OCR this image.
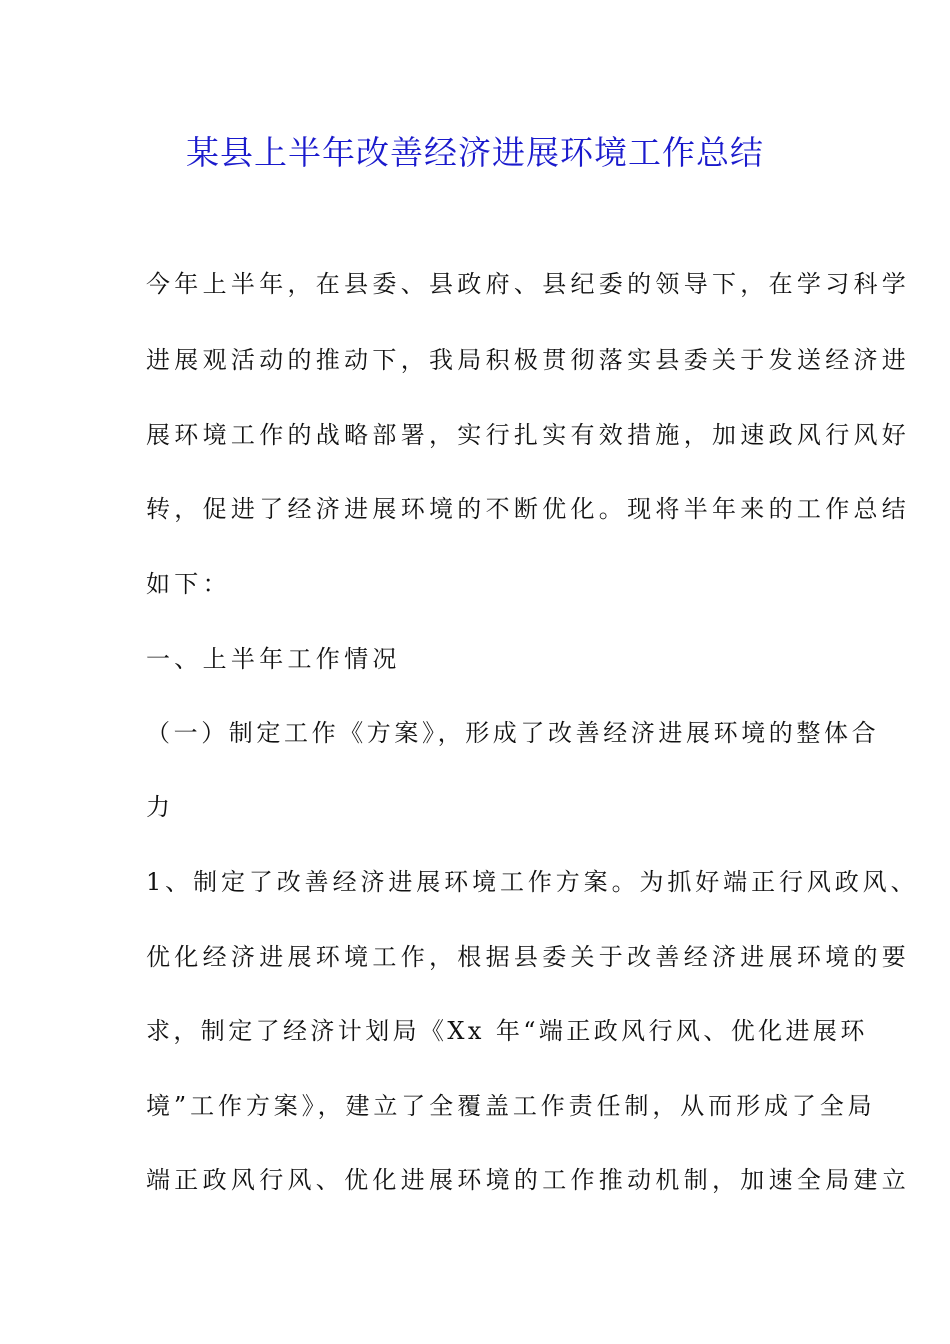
某县上半年改善经济进展环境工作总结

今年上半年，在县委、县政府、县纪委的领导下，在学习科学

进展观活动的推动下，我局积极贯彻落实县委关于发送经济进

展环境工作的战略部署，实行扎实有效措施，加速政风行风好

转，促进了经济进展环境的不断优化。现将半年来的工作总结

如下：

一、上半年工作情况

（一）制定工作《方案》，形成了改善经济进展环境的整体合

力

1、制定了改善经济进展环境工作方案。为抓好端正行风政风、

优化经济进展环境工作，根据县委关于改善经济进展环境的要

求，制定了经济计划局《Xx 年“端正政风行风、优化进展环

境”工作方案》，建立了全覆盖工作责任制，从而形成了全局

端正政风行风、优化进展环境的工作推动机制，加速全局建立
